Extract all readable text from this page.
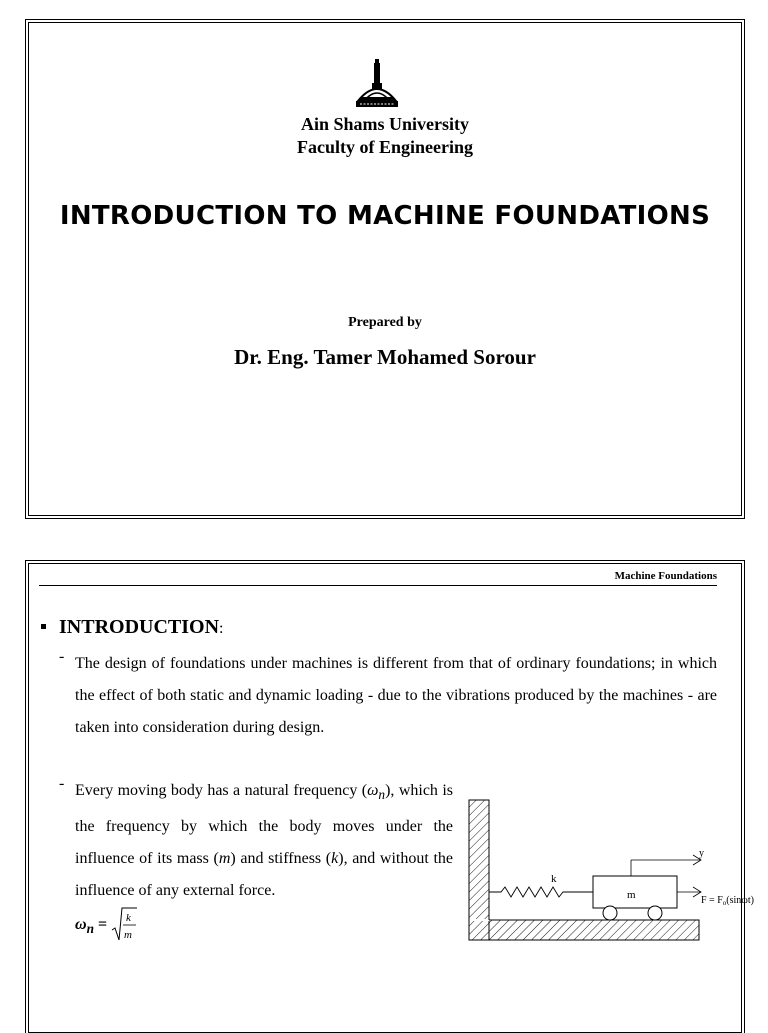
Ain Shams University
Faculty of Engineering
INTRODUCTION TO MACHINE FOUNDATIONS
Prepared by
Dr. Eng. Tamer Mohamed Sorour
Machine Foundations
INTRODUCTION:
- The design of foundations under machines is different from that of ordinary foundations; in which the effect of both static and dynamic loading - due to the vibrations produced by the machines - are taken into consideration during design.
- Every moving body has a natural frequency $(\omega_n)$, which is the frequency by which the body moves under the influence of its mass (m) and stiffness (k), and without the influence of any external force.
$\omega_n = k$
m
k
m
y
$F = F_o(\sin\omega t)$
